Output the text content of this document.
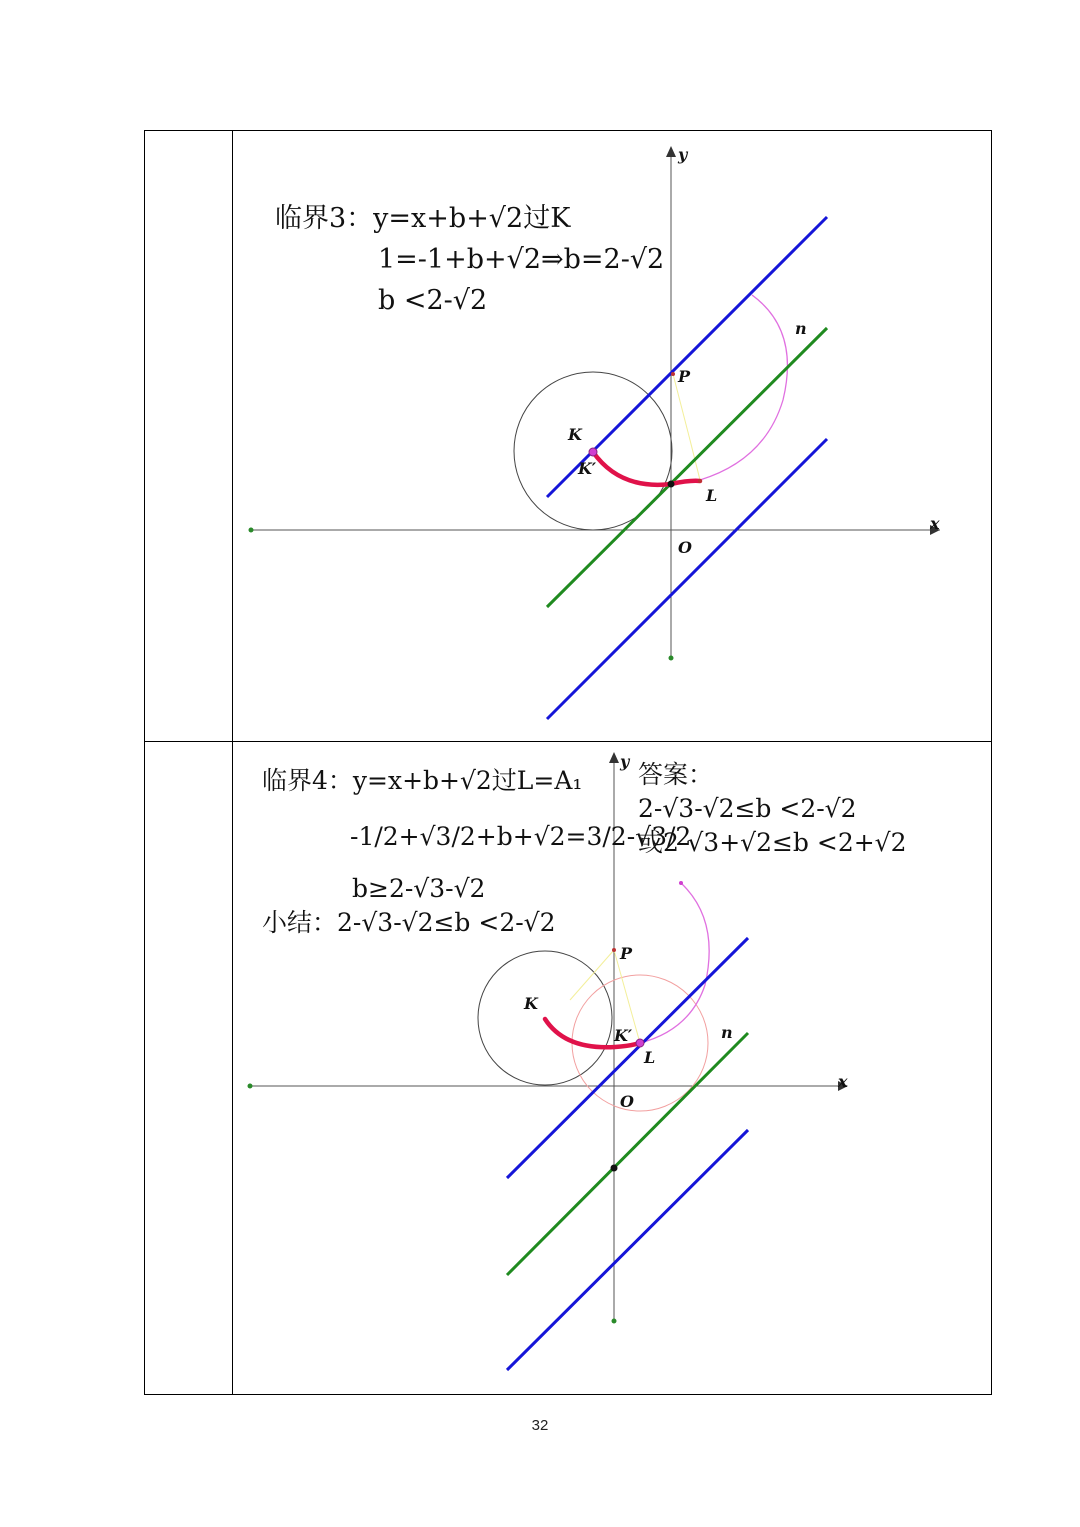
临界3：y=x+b+√2过K
1=-1+b+√2⇒b=2-√2
b <2-√2
y
x
O
P
K
K′
L
n
临界4：y=x+b+√2过L=A₁
-1/2+√3/2+b+√2=3/2-√3/2
b≥2-√3-√2
小结：2-√3-√2≤b <2-√2
答案：
2-√3-√2≤b <2-√2
或2-√3+√2≤b <2+√2
y
x
O
P
K
K′
L
n
32
